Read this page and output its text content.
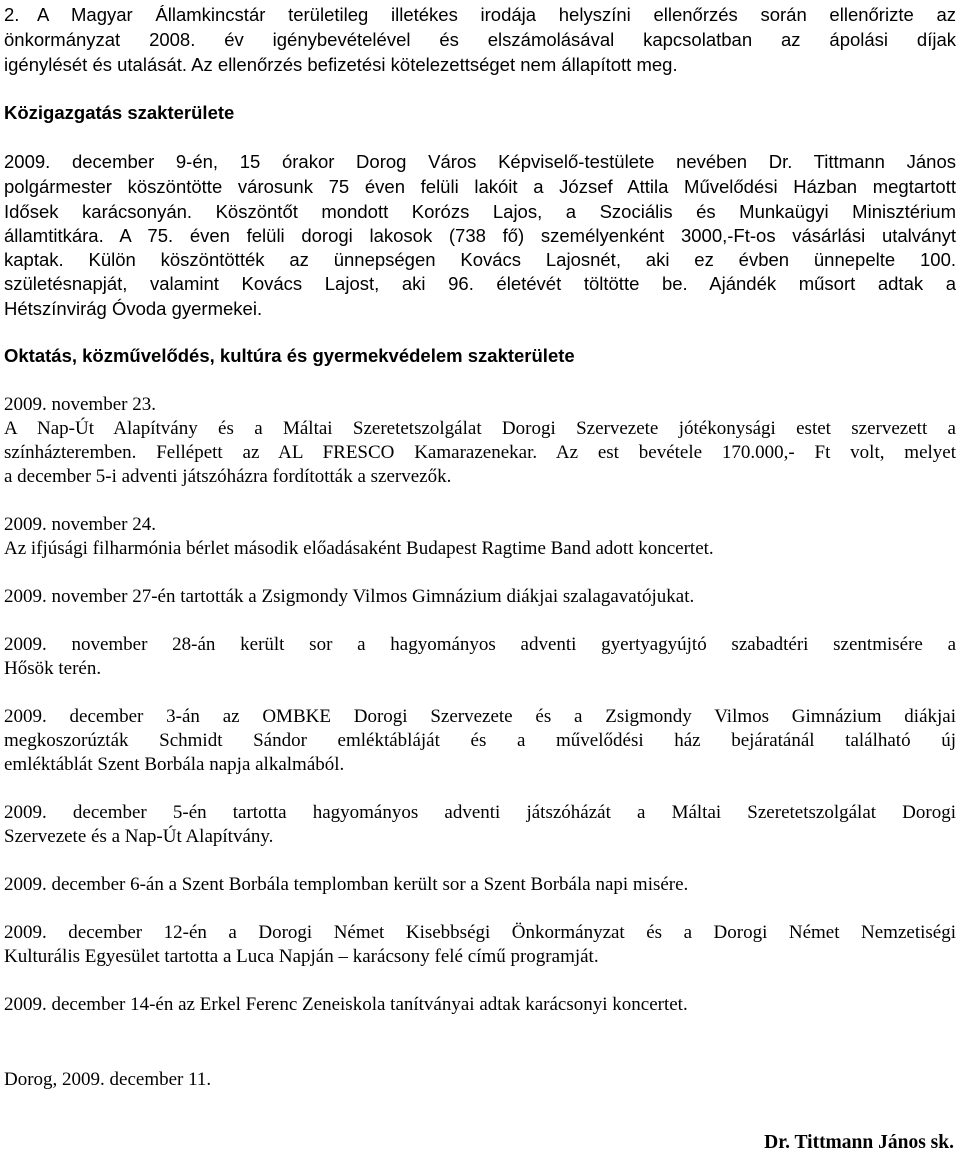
2. A Magyar Államkincstár területileg illetékes irodája helyszíni ellenőrzés során ellenőrizte az
önkormányzat 2008. év igénybevételével és elszámolásával kapcsolatban az ápolási díjak
igénylését és utalását. Az ellenőrzés befizetési kötelezettséget nem állapított meg.
Közigazgatás szakterülete
2009. december 9-én, 15 órakor Dorog Város Képviselő-testülete nevében Dr. Tittmann János
polgármester köszöntötte városunk 75 éven felüli lakóit a József Attila Művelődési Házban megtartott
Idősek karácsonyán. Köszöntőt mondott Korózs Lajos, a Szociális és Munkaügyi Minisztérium
államtitkára. A 75. éven felüli dorogi lakosok (738 fő) személyenként 3000,-Ft-os vásárlási utalványt
kaptak. Külön köszöntötték az ünnepségen Kovács Lajosnét, aki ez évben ünnepelte 100.
születésnapját, valamint Kovács Lajost, aki 96. életévét töltötte be. Ajándék műsort adtak a
Hétszínvirág Óvoda gyermekei.
Oktatás, közművelődés, kultúra és gyermekvédelem szakterülete
2009. november 23.
A Nap-Út Alapítvány és a Máltai Szeretetszolgálat Dorogi Szervezete jótékonysági estet szervezett a
színházteremben. Fellépett az AL FRESCO Kamarazenekar. Az est bevétele 170.000,- Ft volt, melyet
a december 5-i adventi játszóházra fordították a szervezők.
2009. november 24.
Az ifjúsági filharmónia bérlet második előadásaként Budapest Ragtime Band adott koncertet.
2009. november 27-én tartották a Zsigmondy Vilmos Gimnázium diákjai szalagavatójukat.
2009. november 28-án került sor a hagyományos adventi gyertyagyújtó szabadtéri szentmisére a
Hősök terén.
2009. december 3-án az OMBKE Dorogi Szervezete és a Zsigmondy Vilmos Gimnázium diákjai
megkoszorúzták Schmidt Sándor emléktábláját és a művelődési ház bejáratánál található új
emléktáblát Szent Borbála napja alkalmából.
2009. december 5-én tartotta hagyományos adventi játszóházát a Máltai Szeretetszolgálat Dorogi
Szervezete és a Nap-Út Alapítvány.
2009. december 6-án a Szent Borbála templomban került sor a Szent Borbála napi misére.
2009. december 12-én a Dorogi Német Kisebbségi Önkormányzat és a Dorogi Német Nemzetiségi
Kulturális Egyesület tartotta a Luca Napján – karácsony felé című programját.
2009. december 14-én az Erkel Ferenc Zeneiskola tanítványai adtak karácsonyi koncertet.
Dorog, 2009. december 11.
Dr. Tittmann János sk.
